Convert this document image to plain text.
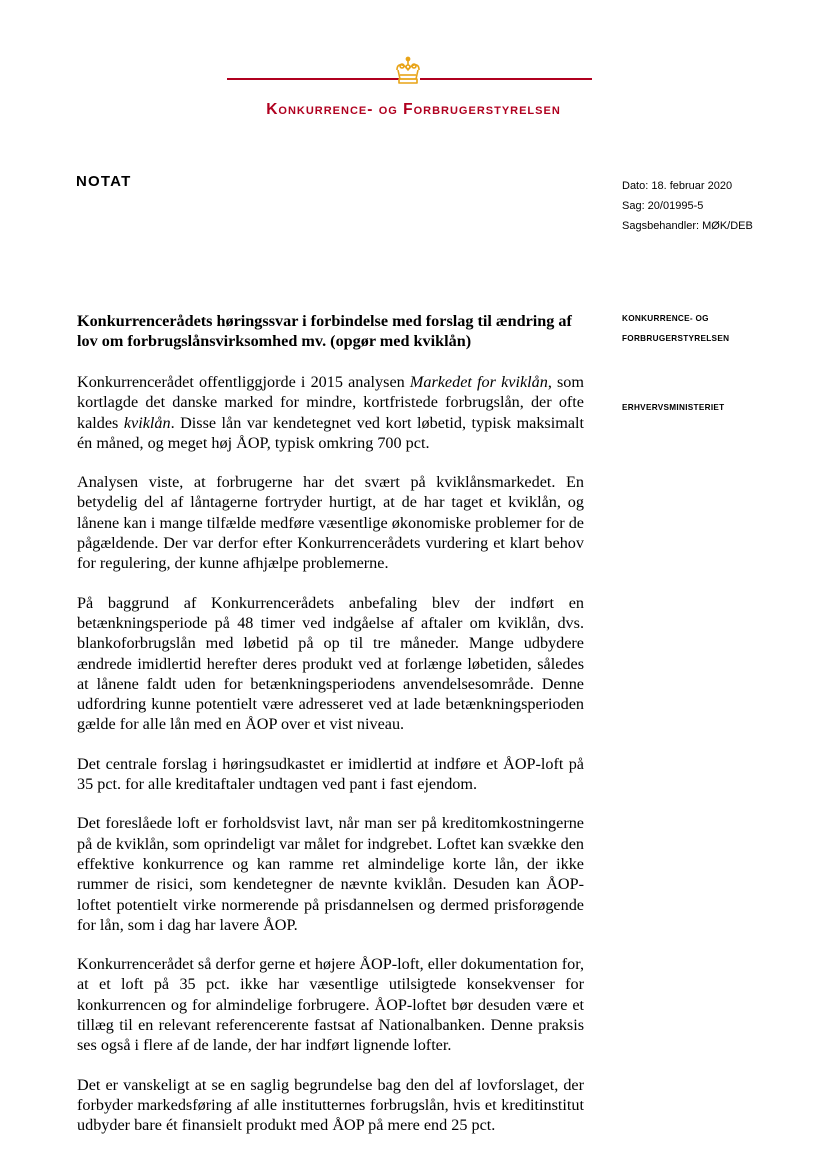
Konkurrence- og Forbrugerstyrelsen
NOTAT	Dato: 18. februar 2020
Sag: 20/01995-5
Sagsbehandler: MØK/DEB
KONKURRENCE- OG
FORBRUGERSTYRELSEN
ERHVERVSMINISTERIET
Konkurrencerådets høringssvar i forbindelse med forslag til ændring af lov om forbrugslånsvirksomhed mv. (opgør med kviklån)

Konkurrencerådet offentliggjorde i 2015 analysen Markedet for kviklån, som kortlagde det danske marked for mindre, kortfristede forbrugslån, der ofte kaldes kviklån. Disse lån var kendetegnet ved kort løbetid, typisk maksimalt én måned, og meget høj ÅOP, typisk omkring 700 pct.

Analysen viste, at forbrugerne har det svært på kviklånsmarkedet. En betydelig del af låntagerne fortryder hurtigt, at de har taget et kviklån, og lånene kan i mange tilfælde medføre væsentlige økonomiske problemer for de pågældende. Der var derfor efter Konkurrencerådets vurdering et klart behov for regulering, der kunne afhjælpe problemerne.

På baggrund af Konkurrencerådets anbefaling blev der indført en betænkningsperiode på 48 timer ved indgåelse af aftaler om kviklån, dvs. blankoforbrugslån med løbetid på op til tre måneder. Mange udbydere ændrede imidlertid herefter deres produkt ved at forlænge løbetiden, således at lånene faldt uden for betænkningsperiodens anvendelsesområde. Denne udfordring kunne potentielt være adresseret ved at lade betænkningsperioden gælde for alle lån med en ÅOP over et vist niveau.

Det centrale forslag i høringsudkastet er imidlertid at indføre et ÅOP-loft på 35 pct. for alle kreditaftaler undtagen ved pant i fast ejendom.

Det foreslåede loft er forholdsvist lavt, når man ser på kreditomkostningerne på de kviklån, som oprindeligt var målet for indgrebet. Loftet kan svække den effektive konkurrence og kan ramme ret almindelige korte lån, der ikke rummer de risici, som kendetegner de nævnte kviklån. Desuden kan ÅOP-loftet potentielt virke normerende på prisdannelsen og dermed prisforøgende for lån, som i dag har lavere ÅOP.

Konkurrencerådet så derfor gerne et højere ÅOP-loft, eller dokumentation for, at et loft på 35 pct. ikke har væsentlige utilsigtede konsekvenser for konkurrencen og for almindelige forbrugere. ÅOP-loftet bør desuden være et tillæg til en relevant referencerente fastsat af Nationalbanken. Denne praksis ses også i flere af de lande, der har indført lignende lofter.

Det er vanskeligt at se en saglig begrundelse bag den del af lovforslaget, der forbyder markedsføring af alle institutternes forbrugslån, hvis et kreditinstitut udbyder bare ét finansielt produkt med ÅOP på mere end 25 pct.
